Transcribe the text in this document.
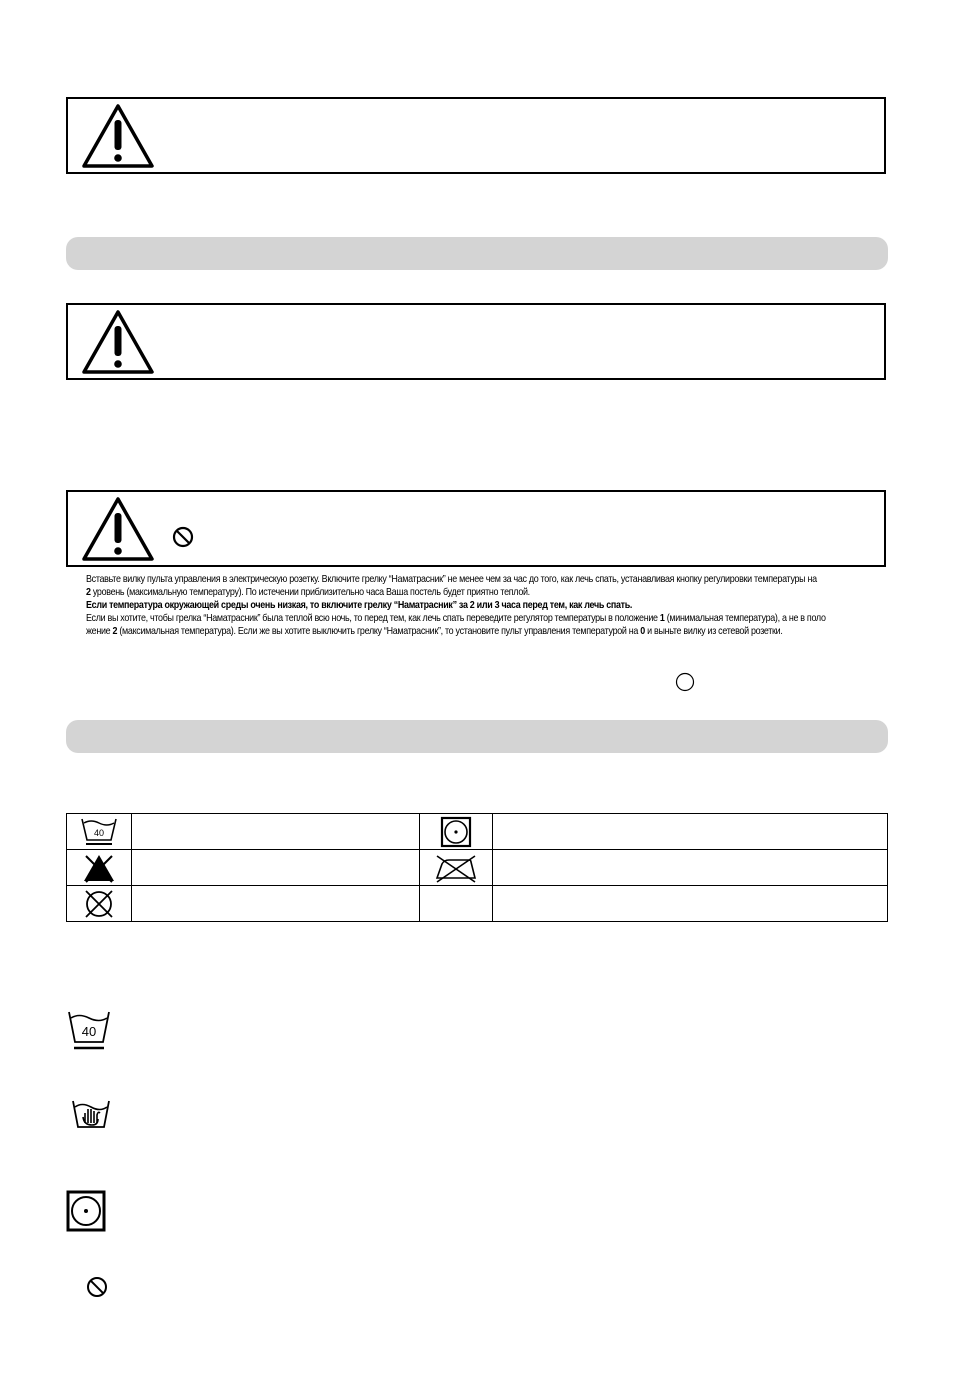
Вставьте вилку пульта управления в электрическую розетку. Включите грелку “Наматрасник” не менее чем за час до того, как лечь спать, устанавливая кнопку регулировки температуры на
2 уровень (максимальную температуру). По истечении приблизительно часа Ваша постель будет приятно теплой.
Если температура окружающей среды очень низкая, то включите грелку “Наматрасник” за 2 или 3 часа перед тем, как лечь спать.
Если вы хотите, чтобы грелка “Наматрасник” была теплой всю ночь, то перед тем, как лечь спать переведите регулятор температуры в положение 1 (минимальная температура), а не в поло
жение 2 (максимальная температура). Если же вы хотите выключить грелку “Наматрасник”, то установите пульт управления температурой на 0 и выньте вилку из сетевой розетки.
40

40
